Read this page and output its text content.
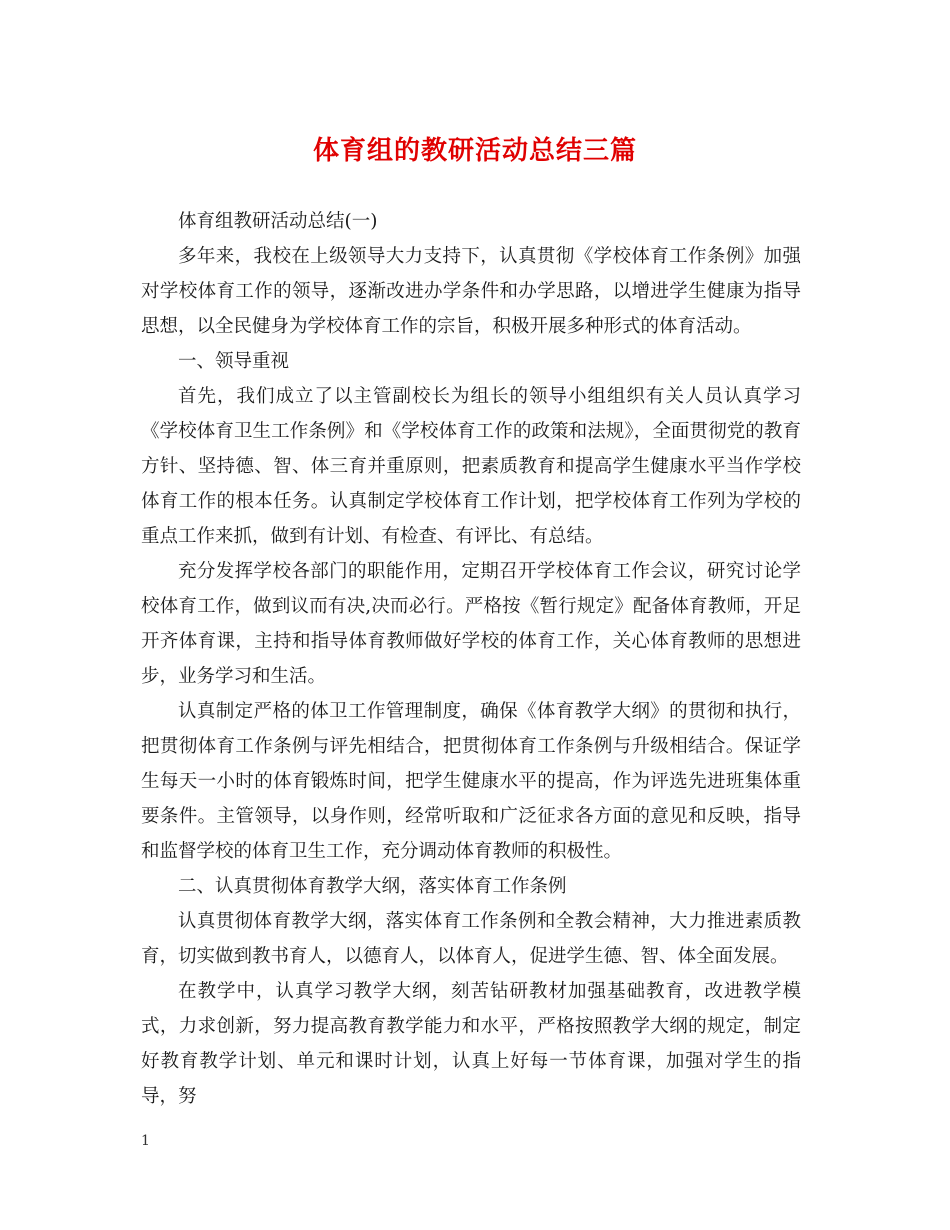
体育组的教研活动总结三篇

体育组教研活动总结(一)

多年来，我校在上级领导大力支持下，认真贯彻《学校体育工作条例》加强对学校体育工作的领导，逐渐改进办学条件和办学思路，以增进学生健康为指导思想，以全民健身为学校体育工作的宗旨，积极开展多种形式的体育活动。

一、领导重视

首先，我们成立了以主管副校长为组长的领导小组组织有关人员认真学习《学校体育卫生工作条例》和《学校体育工作的政策和法规》，全面贯彻党的教育方针、坚持德、智、体三育并重原则，把素质教育和提高学生健康水平当作学校体育工作的根本任务。认真制定学校体育工作计划，把学校体育工作列为学校的重点工作来抓，做到有计划、有检查、有评比、有总结。

充分发挥学校各部门的职能作用，定期召开学校体育工作会议，研究讨论学校体育工作，做到议而有决,决而必行。严格按《暂行规定》配备体育教师，开足开齐体育课，主持和指导体育教师做好学校的体育工作，关心体育教师的思想进步，业务学习和生活。

认真制定严格的体卫工作管理制度，确保《体育教学大纲》的贯彻和执行，把贯彻体育工作条例与评先相结合，把贯彻体育工作条例与升级相结合。保证学生每天一小时的体育锻炼时间，把学生健康水平的提高，作为评选先进班集体重要条件。主管领导，以身作则，经常听取和广泛征求各方面的意见和反映，指导和监督学校的体育卫生工作，充分调动体育教师的积极性。

二、认真贯彻体育教学大纲，落实体育工作条例

认真贯彻体育教学大纲，落实体育工作条例和全教会精神，大力推进素质教育，切实做到教书育人，以德育人，以体育人，促进学生德、智、体全面发展。

在教学中，认真学习教学大纲，刻苦钻研教材加强基础教育，改进教学模式，力求创新，努力提高教育教学能力和水平，严格按照教学大纲的规定，制定好教育教学计划、单元和课时计划，认真上好每一节体育课，加强对学生的指导，努

1
